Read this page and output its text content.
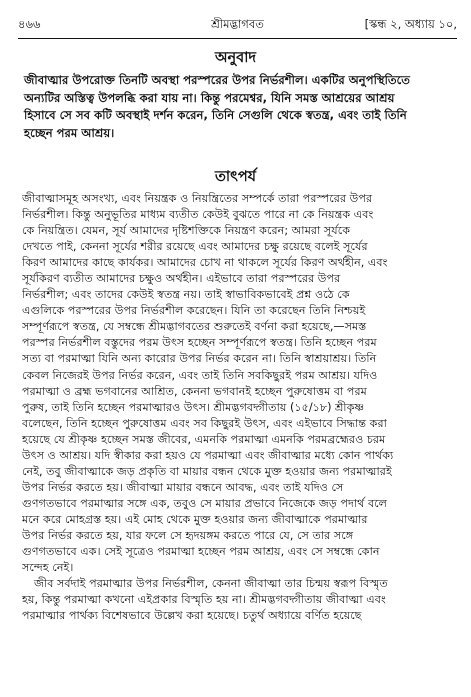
৪৬৬	শ্রীমদ্ভাগবত	[স্কন্ধ ২, অধ্যায় ১০,
অনুবাদ

জীবাত্মার উপরোক্ত তিনটি অবস্থা পরস্পরের উপর নির্ভরশীল। একটির অনুপস্থিতিতে

অন্যটির অস্তিত্ব উপলব্ধি করা যায় না। কিন্তু পরমেশ্বর, যিনি সমস্ত আশ্রয়ের আশ্রয়

হিসাবে সে সব কটি অবস্থাই দর্শন করেন, তিনি সেগুলি থেকে স্বতন্ত্র, এবং তাই তিনি

হচ্ছেন পরম আশ্রয়।

তাৎপর্য

জীবাত্মাসমূহ অসংখ্য, এবং নিয়ন্ত্রক ও নিয়ন্ত্রিতের সম্পর্কে তারা পরস্পরের উপর

নির্ভরশীল। কিন্তু অনুভূতির মাধ্যম ব্যতীত কেউই বুঝতে পারে না কে নিয়ন্ত্রক এবং

কে নিয়ন্ত্রিত। যেমন, সূর্য আমাদের দৃষ্টিশক্তিকে নিয়ন্ত্রণ করেন; আমরা সূর্যকে

দেখতে পাই, কেননা সূর্যের শরীর রয়েছে এবং আমাদের চক্ষু রয়েছে বলেই সূর্যের

কিরণ আমাদের কাছে কার্যকর। আমাদের চোখ না থাকলে সূর্যের কিরণ অর্থহীন, এবং

সূর্যকিরণ ব্যতীত আমাদের চক্ষুও অর্থহীন। এইভাবে তারা পরস্পরের উপর

নির্ভরশীল; এবং তাদের কেউই স্বতন্ত্র নয়। তাই স্বাভাবিকভাবেই প্রশ্ন ওঠে কে

এগুলিকে পরস্পরের উপর নির্ভরশীল করেছেন। যিনি তা করেছেন তিনি নিশ্চয়ই

সম্পূর্ণরূপে স্বতন্ত্র, যে সম্বন্ধে শ্রীমদ্ভাগবতের শুরুতেই বর্ণনা করা হয়েছে,—সমস্ত

পরস্পর নির্ভরশীল বস্তুদের পরম উৎস হচ্ছেন সম্পূর্ণরূপে স্বতন্ত্র। তিনি হচ্ছেন পরম

সত্য বা পরমাত্মা যিনি অন্য কারোর উপর নির্ভর করেন না। তিনি স্বাশ্রয়াশ্রয়। তিনি

কেবল নিজেরই উপর নির্ভর করেন, এবং তাই তিনি সবকিছুরই পরম আশ্রয়। যদিও

পরমাত্মা ও ব্রহ্ম ভগবানের আশ্রিত, কেননা ভগবানই হচ্ছেন পুরুষোত্তম বা পরম

পুরুষ, তাই তিনি হচ্ছেন পরমাত্মারও উৎস। শ্রীমদ্ভগবদ্গীতায় (১৫/১৮) শ্রীকৃষ্ণ

বলেছেন, তিনি হচ্ছেন পুরুষোত্তম এবং সব কিছুরই উৎস, এবং এইভাবে সিদ্ধান্ত করা

হয়েছে যে শ্রীকৃষ্ণ হচ্ছেন সমস্ত জীবের, এমনকি পরমাত্মা এমনকি পরমব্রহ্মেরও চরম

উৎস ও আশ্রয়। যদি স্বীকার করা হয়ও যে পরমাত্মা এবং জীবাত্মার মধ্যে কোন পার্থক্য

নেই, তবু জীবাত্মাকে জড় প্রকৃতি বা মায়ার বন্ধন থেকে মুক্ত হওয়ার জন্য পরমাত্মারই

উপর নির্ভর করতে হয়। জীবাত্মা মায়ার বন্ধনে আবদ্ধ, এবং তাই যদিও সে

গুণগতভাবে পরমাত্মার সঙ্গে এক, তবুও সে মায়ার প্রভাবে নিজেকে জড় পদার্থ বলে

মনে করে মোহগ্রস্ত হয়। এই মোহ থেকে মুক্ত হওয়ার জন্য জীবাত্মাকে পরমাত্মার

উপর নির্ভর করতে হয়, যার ফলে সে হৃদয়ঙ্গম করতে পারে যে, সে তার সঙ্গে

গুণগতভাবে এক। সেই সূত্রেও পরমাত্মা হচ্ছেন পরম আশ্রয়, এবং সে সম্বন্ধে কোন

সন্দেহ নেই।

জীব সর্বদাই পরমাত্মার উপর নির্ভরশীল, কেননা জীবাত্মা তার চিন্ময় স্বরূপ বিস্মৃত

হয়, কিন্তু পরমাত্মা কখনো এইপ্রকার বিস্মৃতি হয় না। শ্রীমদ্ভগবদ্গীতায় জীবাত্মা এবং

পরমাত্মার পার্থক্য বিশেষভাবে উল্লেখ করা হয়েছে। চতুর্থ অধ্যায়ে বর্ণিত হয়েছে
